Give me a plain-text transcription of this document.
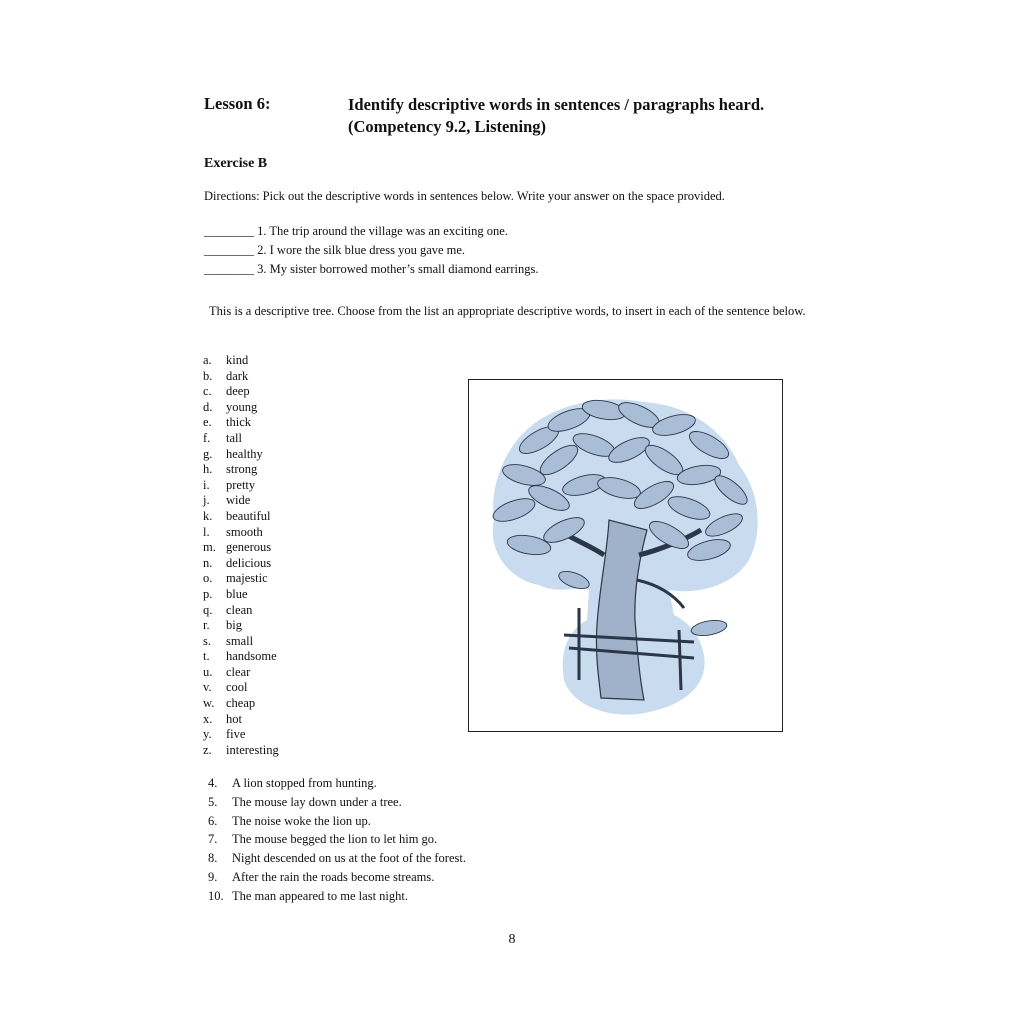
Lesson 6:	Identify descriptive words in sentences / paragraphs heard.
(Competency 9.2, Listening)
Exercise B
Directions: Pick out the descriptive words in sentences below. Write your answer on the space provided.
________ 1. The trip around the village was an exciting one.
________ 2. I wore the silk blue dress you gave me.
________ 3. My sister borrowed mother’s small diamond earrings.
This is a descriptive tree. Choose from the list an appropriate descriptive words, to insert in each of the sentence below.
a.	kind
b.	dark
c.	deep
d.	young
e.	thick
f.	tall
g.	healthy
h.	strong
i.	pretty
j.	wide
k.	beautiful
l.	smooth
m. generous
n.	delicious
o.	majestic
p.	blue
q.	clean
r.	big
s.	small
t.	handsome
u.	clear
v.	cool
w. cheap
x.	hot
y.	five
z.	interesting
4.	A lion stopped from hunting.
5.	The mouse lay down under a tree.
6.	The noise woke the lion up.
7.	The mouse begged the lion to let him go.
8.	Night descended on us at the foot of the forest.
9.	After the rain the roads become streams.
10. The man appeared to me last night.
8
